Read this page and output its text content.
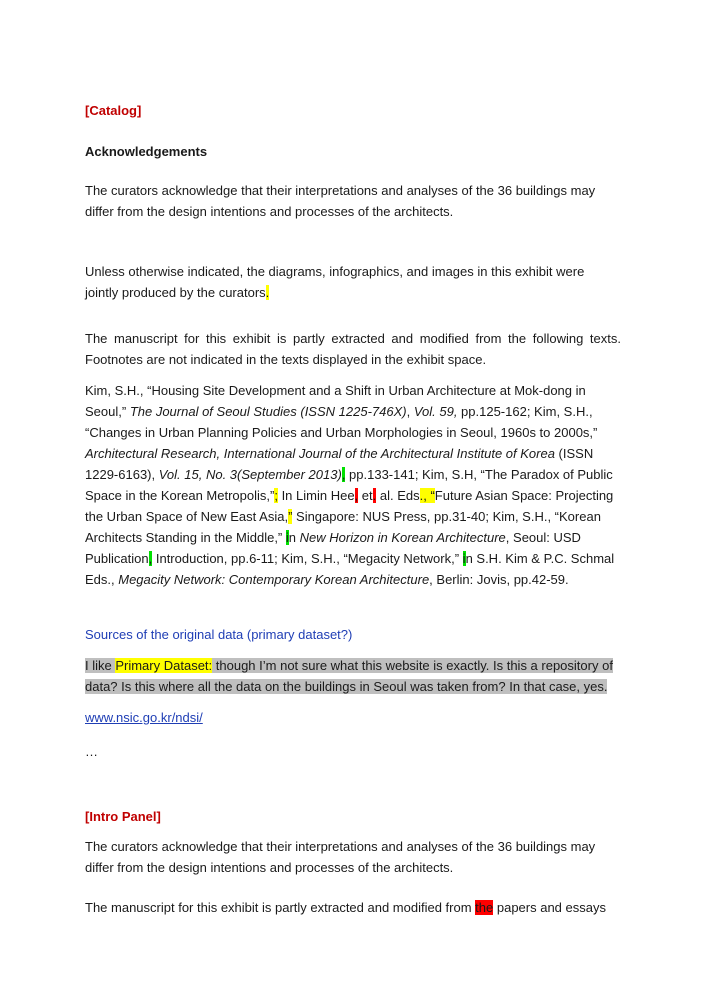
[Catalog]

Acknowledgements

The curators acknowledge that their interpretations and analyses of the 36 buildings may differ from the design intentions and processes of the architects.

Unless otherwise indicated, the diagrams, infographics, and images in this exhibit were jointly produced by the curators.

The manuscript for this exhibit is partly extracted and modified from the following texts. Footnotes are not indicated in the texts displayed in the exhibit space.

Kim, S.H., “Housing Site Development and a Shift in Urban Architecture at Mok-dong in Seoul,” The Journal of Seoul Studies (ISSN 1225-746X), Vol. 59, pp.125-162; Kim, S.H., “Changes in Urban Planning Policies and Urban Morphologies in Seoul, 1960s to 2000s,” Architectural Research, International Journal of the Architectural Institute of Korea (ISSN 1229-6163), Vol. 15, No. 3(September 2013), pp.133-141; Kim, S.H, “The Paradox of Public Space in the Korean Metropolis,”; In Limin Hee, et. al. Eds., “Future Asian Space: Projecting the Urban Space of New East Asia,” Singapore: NUS Press, pp.31-40; Kim, S.H., “Korean Architects Standing in the Middle,” in New Horizon in Korean Architecture, Seoul: USD Publication, Introduction, pp.6-11; Kim, S.H., “Megacity Network,” in S.H. Kim & P.C. Schmal Eds., Megacity Network: Contemporary Korean Architecture, Berlin: Jovis, pp.42-59.

Sources of the original data (primary dataset?)

I like Primary Dataset: though I’m not sure what this website is exactly. Is this a repository of
data? Is this where all the data on the buildings in Seoul was taken from? In that case, yes.

www.nsic.go.kr/ndsi/

…

[Intro Panel]

The curators acknowledge that their interpretations and analyses of the 36 buildings may differ from the design intentions and processes of the architects.

The manuscript for this exhibit is partly extracted and modified from the papers and essays
